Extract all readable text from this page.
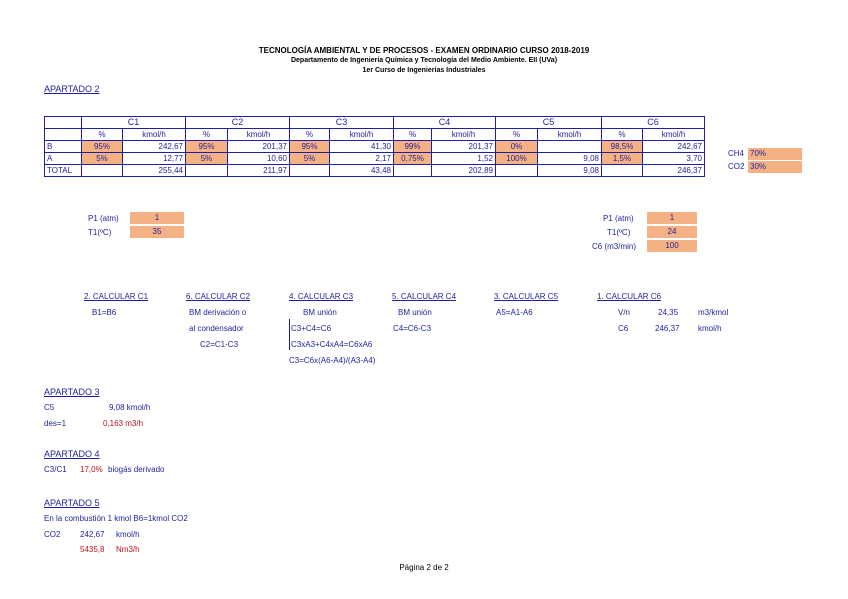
TECNOLOGÍA AMBIENTAL Y DE PROCESOS - EXAMEN ORDINARIO CURSO 2018-2019
Departamento de Ingeniería Química y Tecnología del Medio Ambiente. EII (UVa)
1er Curso de Ingenierías Industriales
APARTADO 2
	C1		C2		C3		C4		C5		C6	
	%	kmol/h	%	kmol/h	%	kmol/h	%	kmol/h	%	kmol/h	%	kmol/h
B	95%	242,67	95%	201,37	95%	41,30	99%	201,37	0%		98,5%	242,67
A	5%	12,77	5%	10,60	5%	2,17	0,75%	1,52	100%	9,08	1,5%	3,70
TOTAL		255,44		211,97		43,48		202,89		9,08		246,37
CH4 70%
CO2 30%
P1 (atm)	1
T1(ºC)	35
P1 (atm)	1
T1(ºC)	24
C6 (m3/min)	100
2. CALCULAR C1
B1=B6
6. CALCULAR C2
BM derivación o
al condensador
C2=C1-C3
4. CALCULAR C3
BM unión
C3+C4=C6
C3xA3+C4xA4=C6xA6
C3=C6x(A6-A4)/(A3-A4)
5. CALCULAR C4
BM unión
C4=C6-C3
3. CALCULAR C5
A5=A1-A6
1. CALCULAR C6
V/n	24,35 m3/kmol
C6	246,37 kmol/h
APARTADO 3
C5	9,08 kmol/h
des=1	0,163 m3/h
APARTADO 4
C3/C1 17,0% biogás derivado
APARTADO 5
En la combustión 1 kmol B6=1kmol CO2
CO2 242,67 kmol/h
5435,8 Nm3/h
Página 2 de 2
